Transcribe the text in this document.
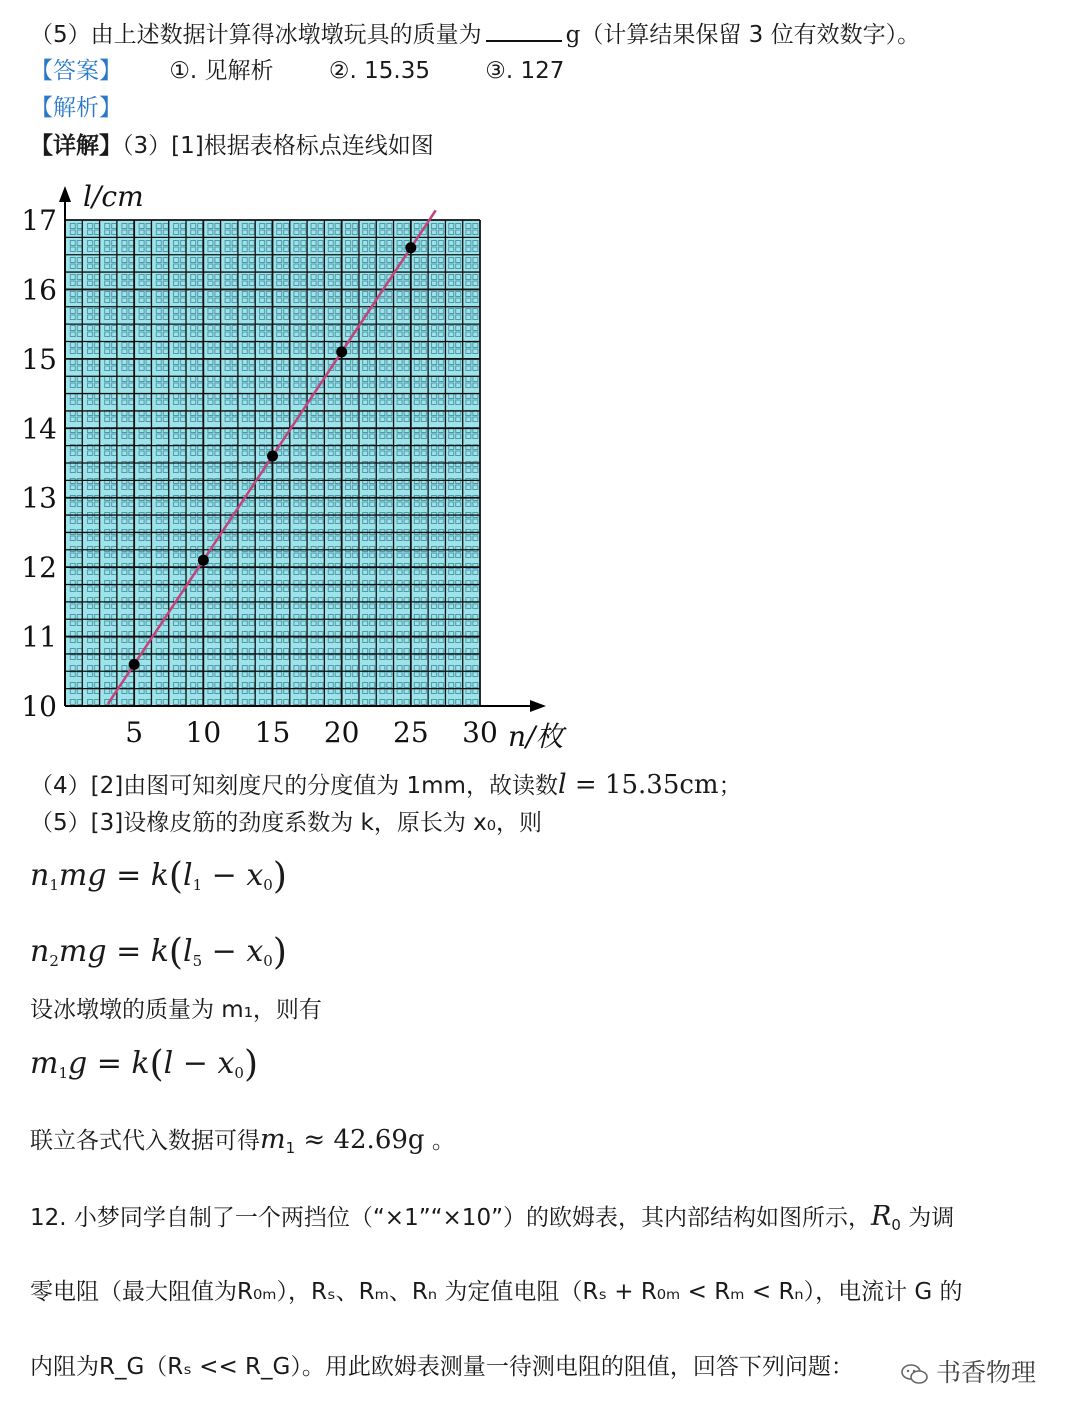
（5）由上述数据计算得冰墩墩玩具的质量为	g（计算结果保留 3 位有效数字）。
【答案】 ①. 见解析 ②. 15.35 ③. 127
【解析】
【详解】（3）[1]根据表格标点连线如图
10
11
12
13
14
15
16
17
5 10 15 20 25 30
l/cm
n/枚
（4）[2]由图可知刻度尺的分度值为 1mm，故读数l = 15.35cm；
（5）[3]设橡皮筋的劲度系数为 k，原长为 x₀，则
$n_1mg = k(l_1 - x_0)$
$n_2mg = k(l_5 - x_0)$
设冰墩墩的质量为 m₁，则有
$m_1g = k(l - x_0)$
联立各式代入数据可得$m_1 \approx 42.69g$ 。
12. 小梦同学自制了一个两挡位（“×1”“×10”）的欧姆表，其内部结构如图所示，$R_0$ 为调
零电阻（最大阻值为R₀ₘ），Rₛ、Rₘ、Rₙ 为定值电阻（Rₛ + R₀ₘ < Rₘ < Rₙ），电流计 G 的
内阻为R_G（Rₛ << R_G）。用此欧姆表测量一待测电阻的阻值，回答下列问题：	书香物理
